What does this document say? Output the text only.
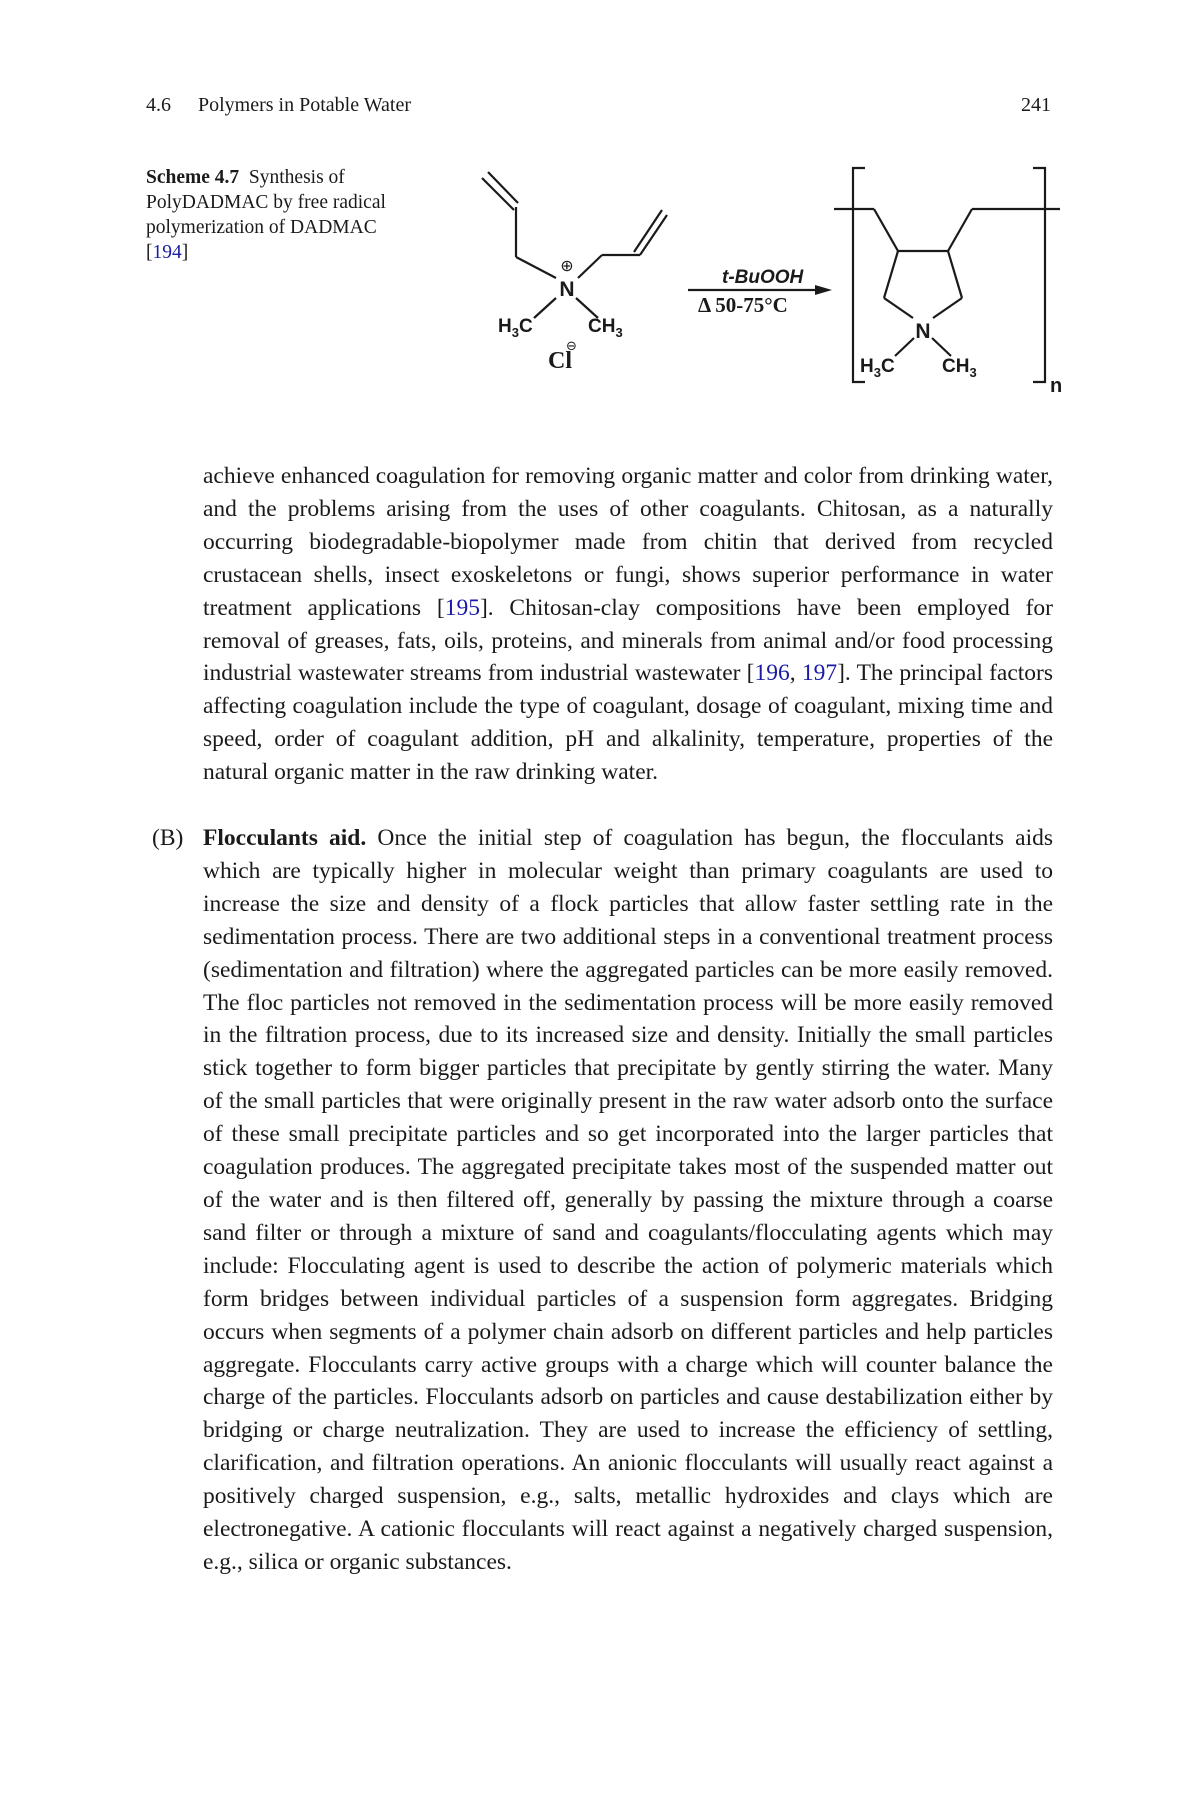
4.6 Polymers in Potable Water	241
Scheme 4.7 Synthesis of PolyDADMAC by free radical polymerization of DADMAC [194]
N
⊕
$H_3C$	$CH_3$
Cl
⊖
t-BuOOH
Δ 50-75°C
N
$H_3C$ $CH_3$
n

achieve enhanced coagulation for removing organic matter and color from drinking water, and the problems arising from the uses of other coagulants. Chitosan, as a naturally occurring biodegradable-biopolymer made from chitin that derived from recycled crustacean shells, insect exoskeletons or fungi, shows superior performance in water treatment applications [195]. Chitosan-clay compositions have been employed for removal of greases, fats, oils, proteins, and minerals from animal and/or food processing industrial wastewater streams from industrial wastewater [196, 197]. The principal factors affecting coagulation include the type of coagulant, dosage of coagulant, mixing time and speed, order of coagulant addition, pH and alkalinity, temperature, properties of the natural organic matter in the raw drinking water.

(B) Flocculants aid. Once the initial step of coagulation has begun, the flocculants aids which are typically higher in molecular weight than primary coagulants are used to increase the size and density of a flock particles that allow faster settling rate in the sedimentation process. There are two additional steps in a conventional treatment process (sedimentation and filtration) where the aggregated particles can be more easily removed. The floc particles not removed in the sedimentation process will be more easily removed in the filtration process, due to its increased size and density. Initially the small particles stick together to form bigger particles that precipitate by gently stirring the water. Many of the small particles that were originally present in the raw water adsorb onto the surface of these small precipitate particles and so get incorporated into the larger particles that coagulation produces. The aggregated precipitate takes most of the suspended matter out of the water and is then filtered off, generally by passing the mixture through a coarse sand filter or through a mixture of sand and coagulants/flocculating agents which may include: Flocculating agent is used to describe the action of polymeric materials which form bridges between individual particles of a suspension form aggregates. Bridging occurs when segments of a polymer chain adsorb on different particles and help particles aggregate. Flocculants carry active groups with a charge which will counter balance the charge of the particles. Flocculants adsorb on particles and cause destabilization either by bridging or charge neutralization. They are used to increase the efficiency of settling, clarification, and filtration operations. An anionic flocculants will usually react against a positively charged suspension, e.g., salts, metallic hydroxides and clays which are electronegative. A cationic flocculants will react against a negatively charged suspension, e.g., silica or organic substances.
